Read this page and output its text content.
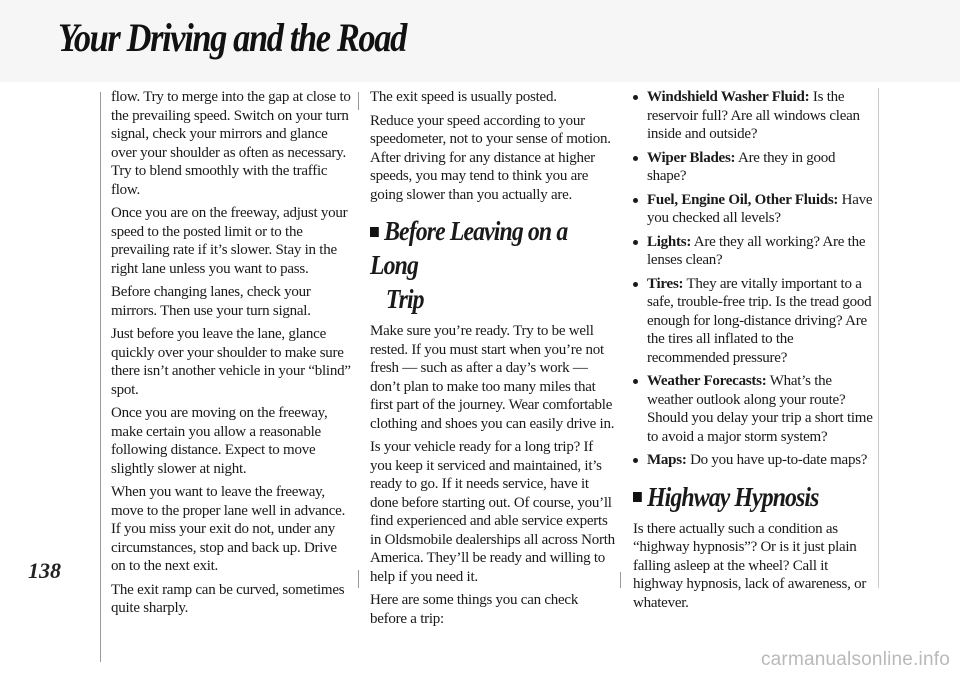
Your Driving and the Road
138

flow. Try to merge into the gap at close to the prevailing speed. Switch on your turn signal, check your mirrors and glance over your shoulder as often as necessary. Try to blend smoothly with the traffic flow.

Once you are on the freeway, adjust your speed to the posted limit or to the prevailing rate if it’s slower. Stay in the right lane unless you want to pass.

Before changing lanes, check your mirrors. Then use your turn signal.

Just before you leave the lane, glance quickly over your shoulder to make sure there isn’t another vehicle in your “blind” spot.

Once you are moving on the freeway, make certain you allow a reasonable following distance. Expect to move slightly slower at night.

When you want to leave the freeway, move to the proper lane well in advance. If you miss your exit do not, under any circumstances, stop and back up. Drive on to the next exit.

The exit ramp can be curved, sometimes quite sharply.

The exit speed is usually posted.

Reduce your speed according to your speedometer, not to your sense of motion. After driving for any distance at higher speeds, you may tend to think you are going slower than you actually are.

Before Leaving on a Long
Trip

Make sure you’re ready. Try to be well rested. If you must start when you’re not fresh — such as after a day’s work — don’t plan to make too many miles that first part of the journey. Wear comfortable clothing and shoes you can easily drive in.

Is your vehicle ready for a long trip? If you keep it serviced and maintained, it’s ready to go. If it needs service, have it done before starting out. Of course, you’ll find experienced and able service experts in Oldsmobile dealerships all across North America. They’ll be ready and willing to help if you need it.

Here are some things you can check before a trip:

Windshield Washer Fluid: Is the reservoir full? Are all windows clean inside and outside?
Wiper Blades: Are they in good shape?
Fuel, Engine Oil, Other Fluids: Have you checked all levels?
Lights: Are they all working? Are the lenses clean?
Tires: They are vitally important to a safe, trouble-free trip. Is the tread good enough for long-distance driving? Are the tires all inflated to the recommended pressure?
Weather Forecasts: What’s the weather outlook along your route? Should you delay your trip a short time to avoid a major storm system?
Maps: Do you have up-to-date maps?
Highway Hypnosis

Is there actually such a condition as “highway hypnosis”? Or is it just plain falling asleep at the wheel? Call it highway hypnosis, lack of awareness, or whatever.

carmanualsonline.info
